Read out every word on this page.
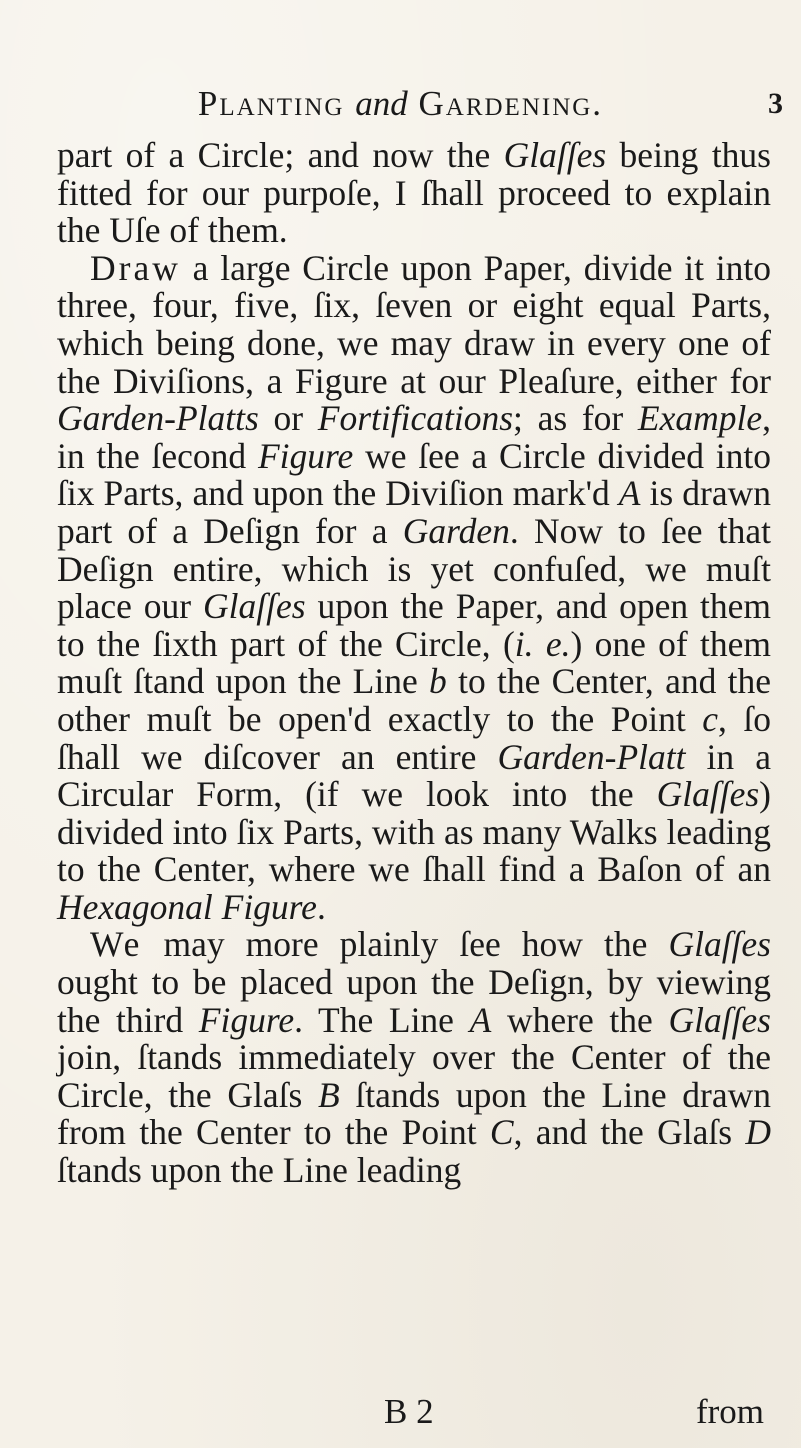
Planting and Gardening.	3

part of a Circle; and now the Glaſſes being thus fitted for our purpoſe, I ſhall proceed to explain the Uſe of them.

Draw a large Circle upon Paper, divide it into three, four, five, ſix, ſeven or eight equal Parts, which being done, we may draw in every one of the Diviſions, a Figure at our Pleaſure, either for Garden-Platts or Fortifications; as for Example, in the ſecond Figure we ſee a Circle divided into ſix Parts, and upon the Diviſion mark'd A is drawn part of a Deſign for a Garden. Now to ſee that Deſign entire, which is yet confuſed, we muſt place our Glaſſes upon the Paper, and open them to the ſixth part of the Circle, (i. e.) one of them muſt ſtand upon the Line b to the Center, and the other muſt be open'd exactly to the Point c, ſo ſhall we diſcover an entire Garden-Platt in a Circular Form, (if we look into the Glaſſes) divided into ſix Parts, with as many Walks leading to the Center, where we ſhall find a Baſon of an Hexagonal Figure.

We may more plainly ſee how the Glaſſes ought to be placed upon the Deſign, by viewing the third Figure. The Line A where the Glaſſes join, ſtands immediately over the Center of the Circle, the Glaſs B ſtands upon the Line drawn from the Center to the Point C, and the Glaſs D ſtands upon the Line leading

B 2	from
